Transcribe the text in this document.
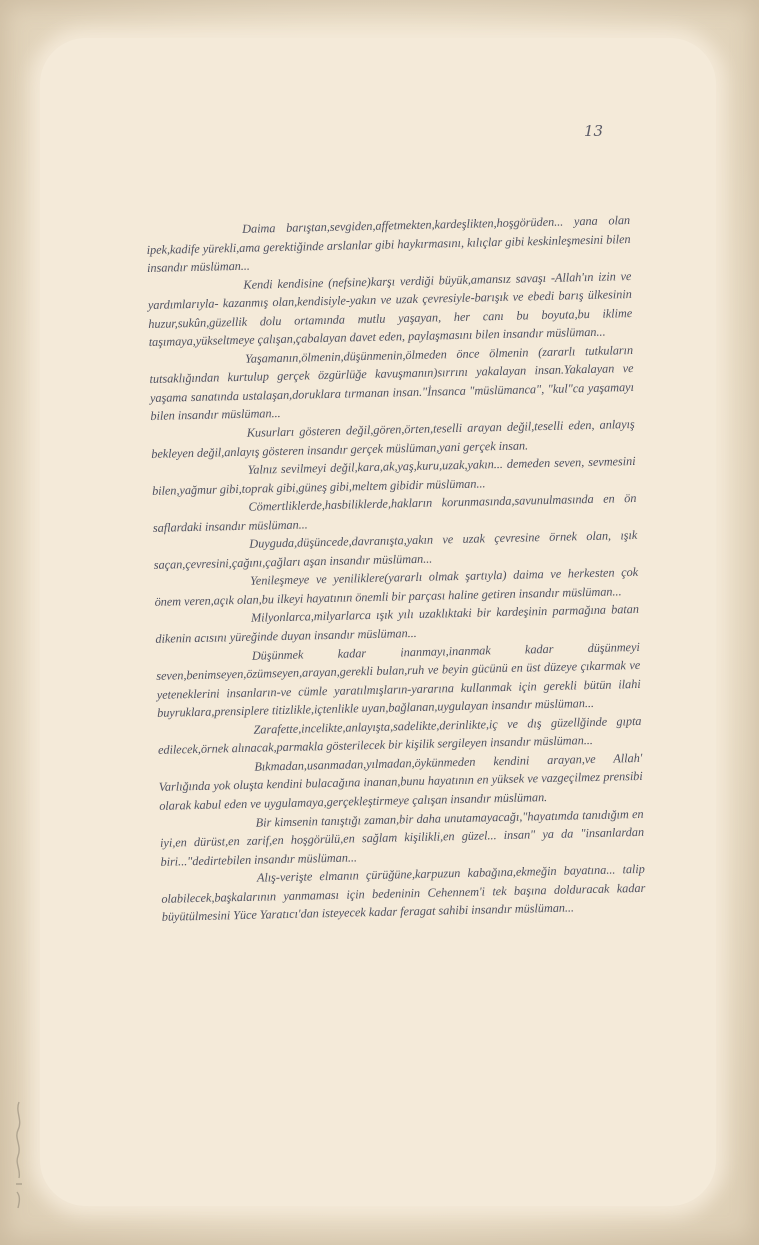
13

Daima barıştan,sevgiden,affetmekten,kardeşlikten,hoşgörüden... yana olan ipek,kadife yürekli,ama gerektiğinde arslanlar gibi haykırmasını, kılıçlar gibi keskinleşmesini bilen insandır müslüman...

Kendi kendisine (nefsine)karşı verdiği büyük,amansız savaşı -Allah'ın izin ve yardımlarıyla- kazanmış olan,kendisiyle-yakın ve uzak çevresiyle-barışık ve ebedi barış ülkesinin huzur,sukûn,güzellik dolu ortamında mutlu yaşayan, her canı bu boyuta,bu iklime taşımaya,yükseltmeye çalışan,çabalayan davet eden, paylaşmasını bilen insandır müslüman...

Yaşamanın,ölmenin,düşünmenin,ölmeden önce ölmenin (zararlı tutkuların tutsaklığından kurtulup gerçek özgürlüğe kavuşmanın)sırrını yakalayan insan.Yakalayan ve yaşama sanatında ustalaşan,doruklara tırmanan insan."İnsanca "müslümanca", "kul"ca yaşamayı bilen insandır müslüman...

Kusurları gösteren değil,gören,örten,teselli arayan değil,teselli eden, anlayış bekleyen değil,anlayış gösteren insandır gerçek müslüman,yani gerçek insan.

Yalnız sevilmeyi değil,kara,ak,yaş,kuru,uzak,yakın... demeden seven, sevmesini bilen,yağmur gibi,toprak gibi,güneş gibi,meltem gibidir müslüman...

Cömertliklerde,hasbiliklerde,hakların korunmasında,savunulmasında en ön saflardaki insandır müslüman...

Duyguda,düşüncede,davranışta,yakın ve uzak çevresine örnek olan, ışık saçan,çevresini,çağını,çağları aşan insandır müslüman...

Yenileşmeye ve yeniliklere(yararlı olmak şartıyla) daima ve herkesten çok önem veren,açık olan,bu ilkeyi hayatının önemli bir parçası haline getiren insandır müslüman...

Milyonlarca,milyarlarca ışık yılı uzaklıktaki bir kardeşinin parmağına batan dikenin acısını yüreğinde duyan insandır müslüman...

Düşünmek kadar inanmayı,inanmak kadar düşünmeyi seven,benimseyen,özümseyen,arayan,gerekli bulan,ruh ve beyin gücünü en üst düzeye çıkarmak ve yeteneklerini insanların-ve cümle yaratılmışların-yararına kullanmak için gerekli bütün ilahi buyruklara,prensiplere titizlikle,içtenlikle uyan,bağlanan,uygulayan insandır müslüman...

Zarafette,incelikte,anlayışta,sadelikte,derinlikte,iç ve dış güzellğinde gıpta edilecek,örnek alınacak,parmakla gösterilecek bir kişilik sergileyen insandır müslüman...

Bıkmadan,usanmadan,yılmadan,öykünmeden kendini arayan,ve Allah' Varlığında yok oluşta kendini bulacağına inanan,bunu hayatının en yüksek ve vazgeçilmez prensibi olarak kabul eden ve uygulamaya,gerçekleştirmeye çalışan insandır müslüman.

Bir kimsenin tanıştığı zaman,bir daha unutamayacağı,"hayatımda tanıdığım en iyi,en dürüst,en zarif,en hoşgörülü,en sağlam kişilikli,en güzel... insan" ya da "insanlardan biri..."dedirtebilen insandır müslüman...

Alış-verişte elmanın çürüğüne,karpuzun kabağına,ekmeğin bayatına... talip olabilecek,başkalarının yanmaması için bedeninin Cehennem'i tek başına dolduracak kadar büyütülmesini Yüce Yaratıcı'dan isteyecek kadar feragat sahibi insandır müslüman...
